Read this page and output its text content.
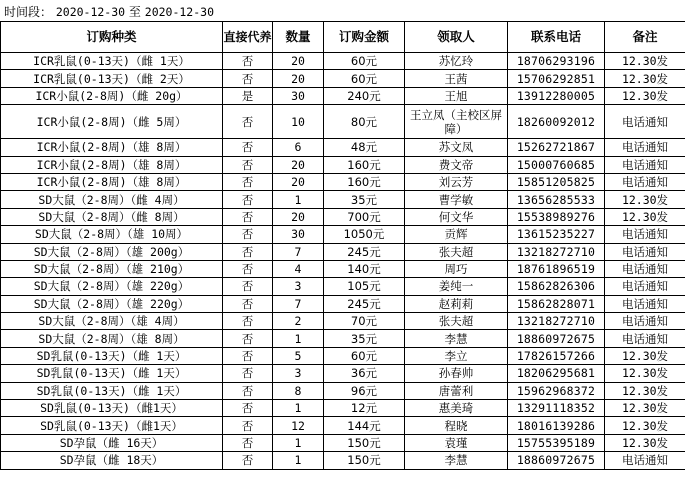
时间段： 2020-12-30 至 2020-12-30
订购种类	直接代养	数量	订购金额	领取人	联系电话	备注
ICR乳鼠(0-13天)（雌 1天）	否	20	60元	苏忆玲	18706293196	12.30发
ICR乳鼠(0-13天)（雌 2天）	否	20	60元	王茜	15706292851	12.30发
ICR小鼠(2-8周)（雌 20g）	是	30	240元	王旭	13912280005	12.30发
ICR小鼠(2-8周)（雌 5周）	否	10	80元	王立凤（主校区屏障）	18260092012	电话通知
ICR小鼠(2-8周)（雄 8周）	否	6	48元	苏文凤	15262721867	电话通知
ICR小鼠(2-8周)（雄 8周）	否	20	160元	费文帝	15000760685	电话通知
ICR小鼠(2-8周)（雄 8周）	否	20	160元	刘云芳	15851205825	电话通知
SD大鼠（2-8周）（雌 4周）	否	1	35元	曹学敏	13656285533	12.30发
SD大鼠（2-8周）（雌 8周）	否	20	700元	何文华	15538989276	12.30发
SD大鼠（2-8周）（雄 10周）	否	30	1050元	贡辉	13615235227	电话通知
SD大鼠（2-8周）（雄 200g）	否	7	245元	张夫超	13218272710	电话通知
SD大鼠（2-8周）（雄 210g）	否	4	140元	周巧	18761896519	电话通知
SD大鼠（2-8周）（雄 220g）	否	3	105元	姜纯一	15862826306	电话通知
SD大鼠（2-8周）（雄 220g）	否	7	245元	赵莉莉	15862828071	电话通知
SD大鼠（2-8周）（雄 4周）	否	2	70元	张夫超	13218272710	电话通知
SD大鼠（2-8周）（雄 8周）	否	1	35元	李慧	18860972675	电话通知
SD乳鼠(0-13天)（雌 1天）	否	5	60元	李立	17826157266	12.30发
SD乳鼠(0-13天)（雌 1天）	否	3	36元	孙春帅	18206295681	12.30发
SD乳鼠(0-13天)（雌 1天）	否	8	96元	唐蕾利	15962968372	12.30发
SD乳鼠(0-13天)（雌1天）	否	1	12元	惠美琦	13291118352	12.30发
SD乳鼠(0-13天)（雌1天）	否	12	144元	程晓	18016139286	12.30发
SD孕鼠（雌 16天）	否	1	150元	袁瑾	15755395189	12.30发
SD孕鼠（雌 18天）	否	1	150元	李慧	18860972675	电话通知
